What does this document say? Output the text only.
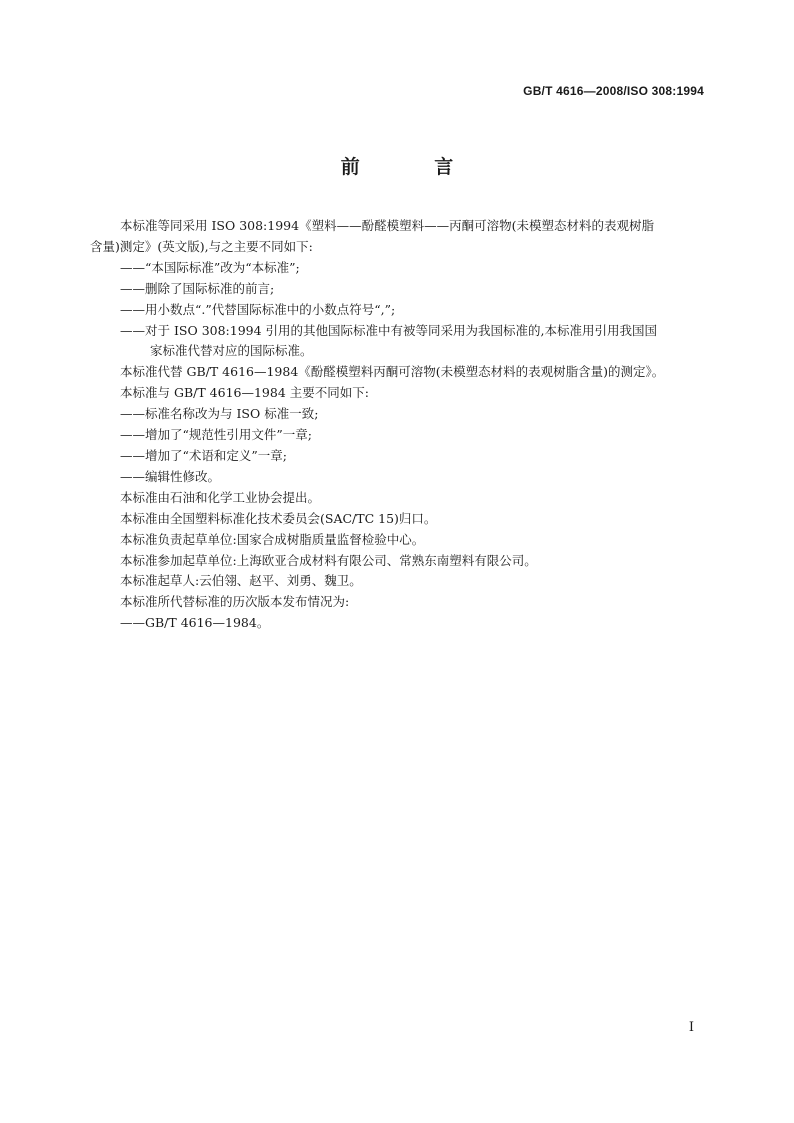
GB/T 4616—2008/ISO 308:1994
前 言
本标准等同采用 ISO 308:1994《塑料——酚醛模塑料——丙酮可溶物(未模塑态材料的表观树脂
含量)测定》(英文版),与之主要不同如下:
——“本国际标准”改为“本标准”;
——删除了国际标准的前言;
——用小数点“.”代替国际标准中的小数点符号“,”;
——对于 ISO 308:1994 引用的其他国际标准中有被等同采用为我国标准的,本标准用引用我国国
家标准代替对应的国际标准。
本标准代替 GB/T 4616—1984《酚醛模塑料丙酮可溶物(未模塑态材料的表观树脂含量)的测定》。
本标准与 GB/T 4616—1984 主要不同如下:
——标准名称改为与 ISO 标准一致;
——增加了“规范性引用文件”一章;
——增加了“术语和定义”一章;
——编辑性修改。
本标准由石油和化学工业协会提出。
本标准由全国塑料标准化技术委员会(SAC/TC 15)归口。
本标准负责起草单位:国家合成树脂质量监督检验中心。
本标准参加起草单位:上海欧亚合成材料有限公司、常熟东南塑料有限公司。
本标准起草人:云伯翎、赵平、刘勇、魏卫。
本标准所代替标准的历次版本发布情况为:
——GB/T 4616—1984。
I
